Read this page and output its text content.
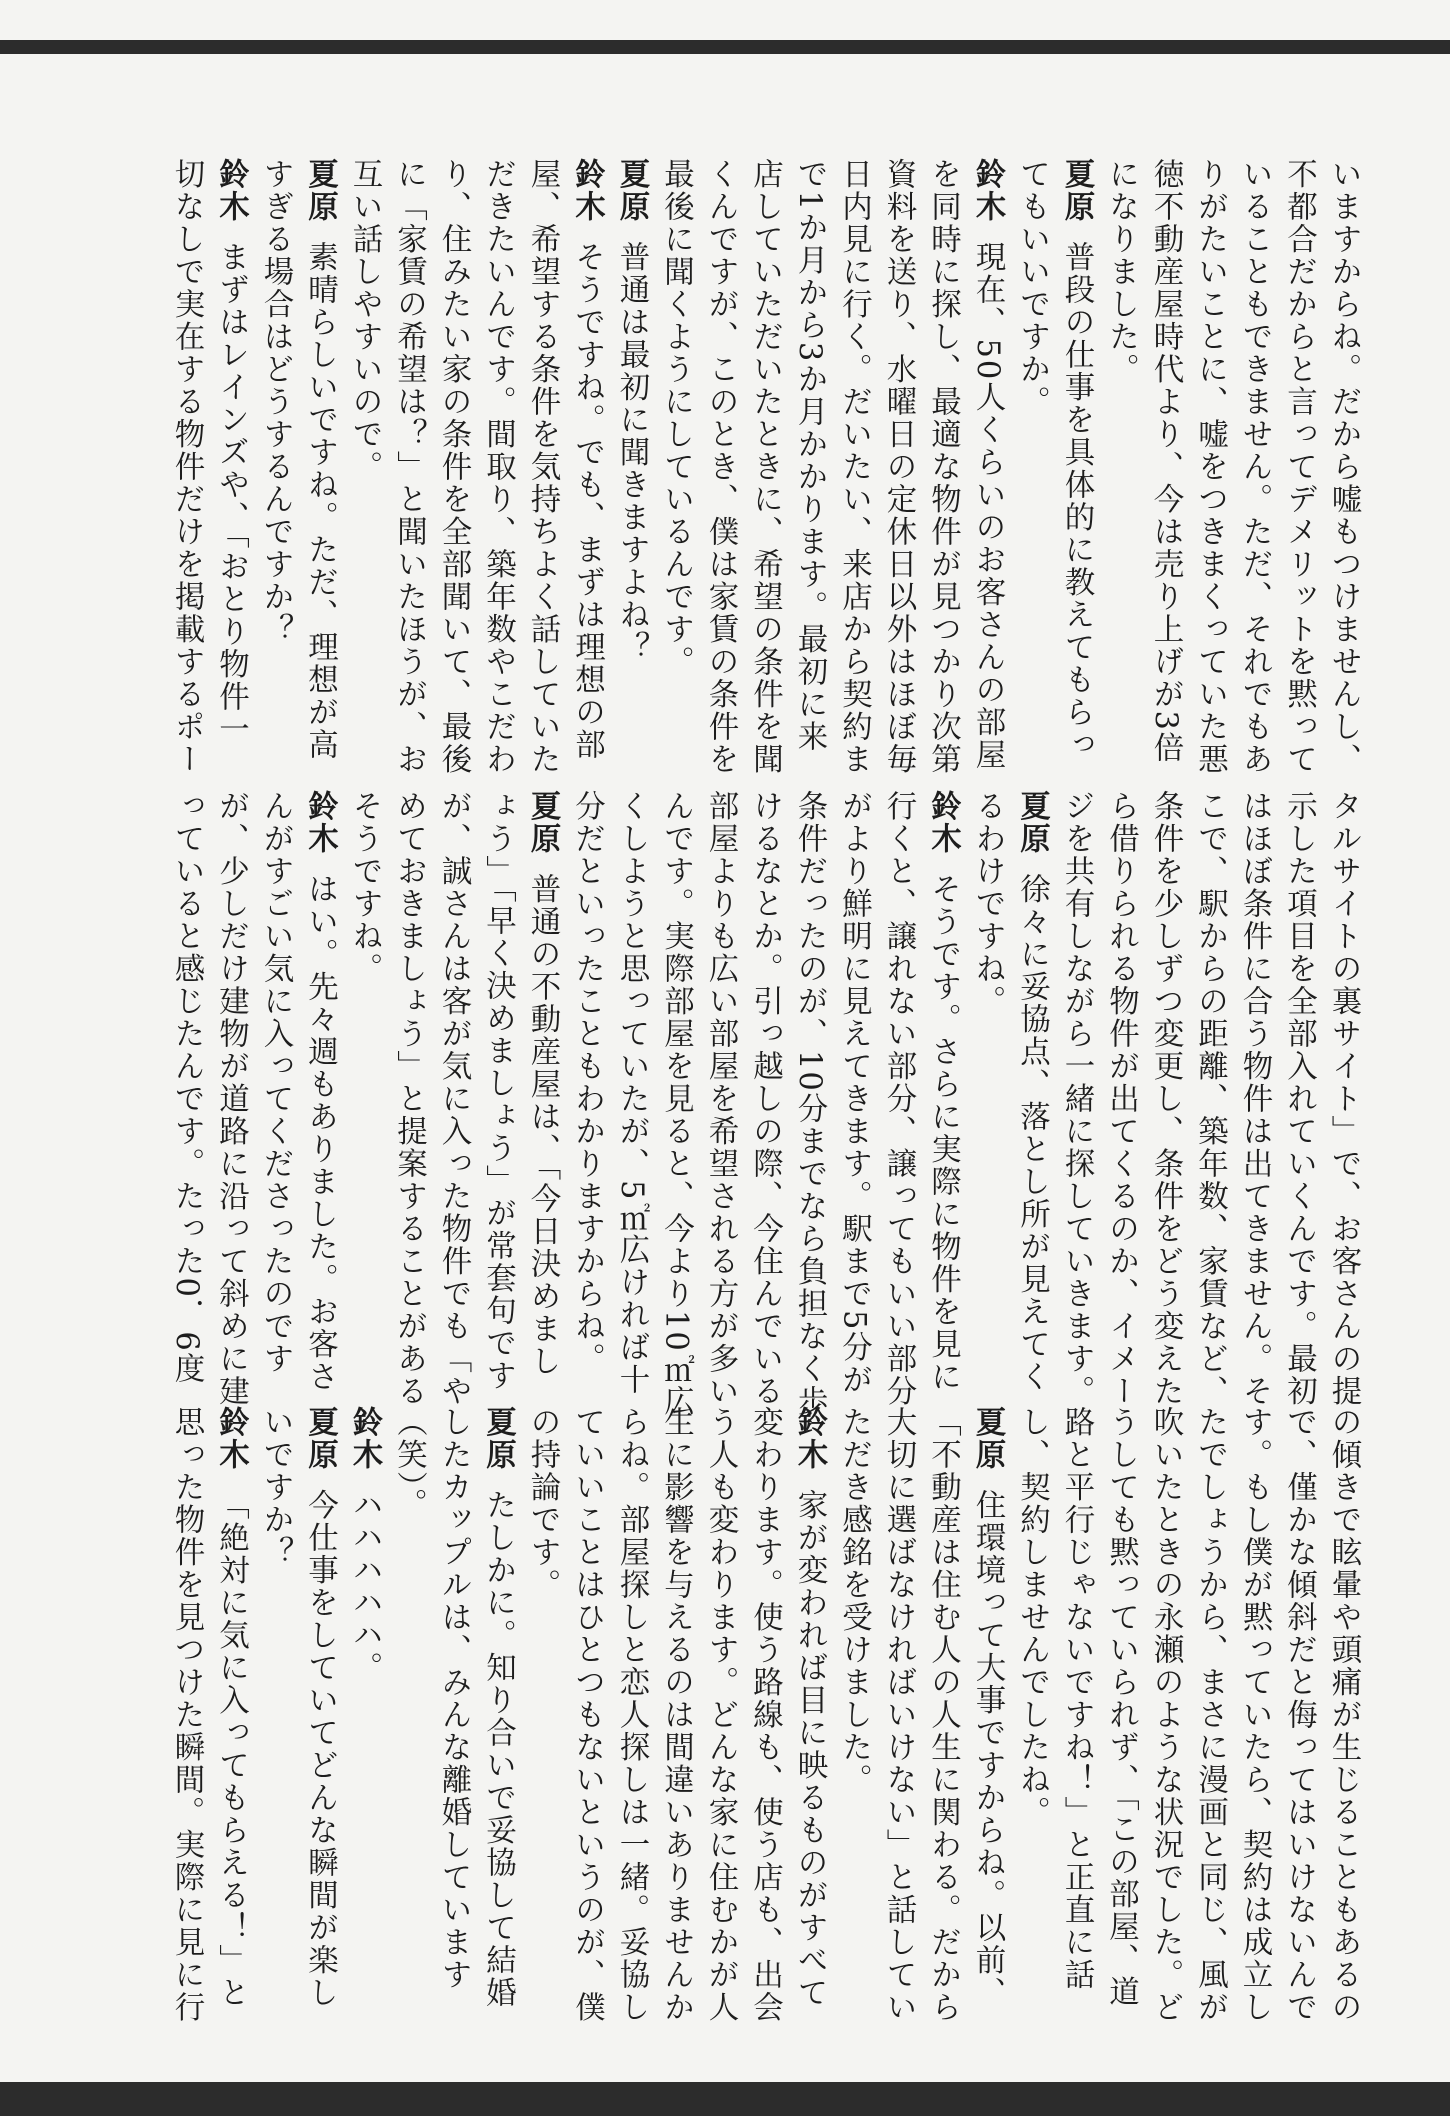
いますからね。だから嘘もつけませんし、
不都合だからと言ってデメリットを黙って
いることもできません。ただ、それでもあ
りがたいことに、嘘をつきまくっていた悪
徳不動産屋時代より、今は売り上げが3倍
になりました。
夏原普段の仕事を具体的に教えてもらっ
てもいいですか。
鈴木現在、50人くらいのお客さんの部屋
を同時に探し、最適な物件が見つかり次第
資料を送り、水曜日の定休日以外はほぼ毎
日内見に行く。だいたい、来店から契約ま
で1か月から3か月かかります。最初に来
店していただいたときに、希望の条件を聞
くんですが、このとき、僕は家賃の条件を
最後に聞くようにしているんです。
夏原普通は最初に聞きますよね？
鈴木そうですね。でも、まずは理想の部
屋、希望する条件を気持ちよく話していた
だきたいんです。間取り、築年数やこだわ
り、住みたい家の条件を全部聞いて、最後
に「家賃の希望は？」と聞いたほうが、お
互い話しやすいので。
夏原素晴らしいですね。ただ、理想が高
すぎる場合はどうするんですか？
鈴木まずはレインズや、「おとり物件一
切なしで実在する物件だけを掲載するポー
タルサイトの裏サイト」で、お客さんの提
示した項目を全部入れていくんです。最初
はほぼ条件に合う物件は出てきません。そ
こで、駅からの距離、築年数、家賃など、
条件を少しずつ変更し、条件をどう変えた
ら借りられる物件が出てくるのか、イメー
ジを共有しながら一緒に探していきます。
夏原徐々に妥協点、落とし所が見えてく
るわけですね。
鈴木そうです。さらに実際に物件を見に
行くと、譲れない部分、譲ってもいい部分
がより鮮明に見えてきます。駅まで5分が
条件だったのが、10分までなら負担なく歩
けるなとか。引っ越しの際、今住んでいる
部屋よりも広い部屋を希望される方が多い
んです。実際部屋を見ると、今より10㎡広
くしようと思っていたが、5㎡広ければ十
分だといったこともわかりますからね。
夏原普通の不動産屋は、「今日決めまし
ょう」「早く決めましょう」が常套句です
が、誠さんは客が気に入った物件でも「や
めておきましょう」と提案することがある
そうですね。
鈴木はい。先々週もありました。お客さ
んがすごい気に入ってくださったのです
が、少しだけ建物が道路に沿って斜めに建
っていると感じたんです。たった0．6度
の傾きで眩暈や頭痛が生じることもあるの
で、僅かな傾斜だと侮ってはいけないんで
す。もし僕が黙っていたら、契約は成立し
たでしょうから、まさに漫画と同じ、風が
吹いたときの永瀬のような状況でした。ど
うしても黙っていられず、「この部屋、道
路と平行じゃないですね！」と正直に話
し、契約しませんでしたね。
夏原住環境って大事ですからね。以前、
「不動産は住む人の人生に関わる。だから
大切に選ばなければいけない」と話してい
ただき感銘を受けました。
鈴木家が変われば目に映るものがすべて
変わります。使う路線も、使う店も、出会
う人も変わります。どんな家に住むかが人
生に影響を与えるのは間違いありませんか
らね。部屋探しと恋人探しは一緒。妥協し
ていいことはひとつもないというのが、僕
の持論です。
夏原たしかに。知り合いで妥協して結婚
したカップルは、みんな離婚しています
（笑）。
鈴木ハハハハハ。
夏原今仕事をしていてどんな瞬間が楽し
いですか？
鈴木「絶対に気に入ってもらえる！」と
思った物件を見つけた瞬間。実際に見に行
